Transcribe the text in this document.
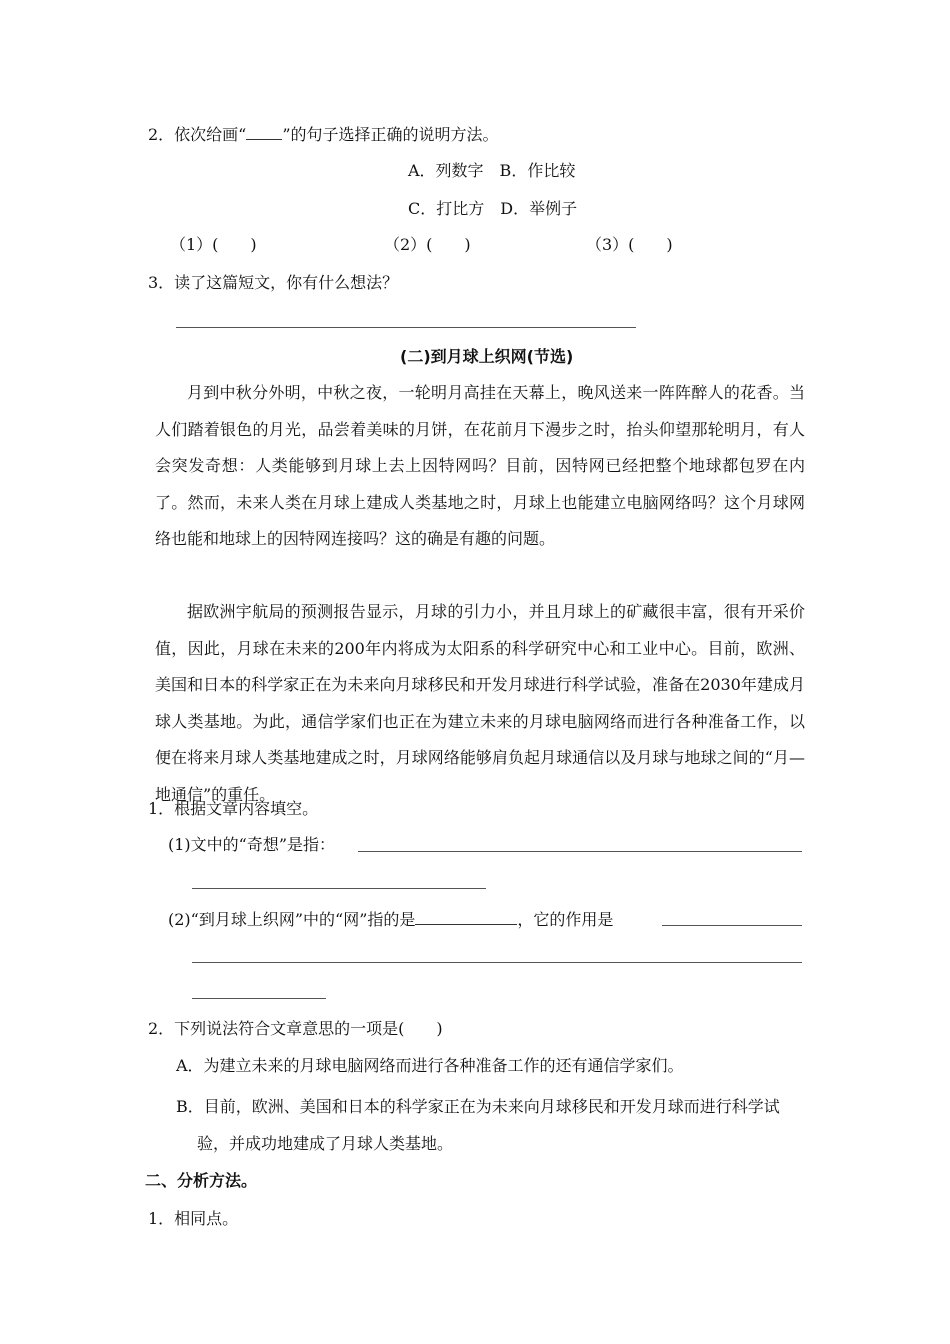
2．依次给画“ ”的句子选择正确的说明方法。
A．列数字　B．作比较
C．打比方　D．举例子
（1）(　　)	（2）(　　)	（3）(　　)
3．读了这篇短文，你有什么想法？
(二)到月球上织网(节选)

月到中秋分外明，中秋之夜，一轮明月高挂在天幕上，晚风送来一阵阵醉人的花香。当人们踏着银色的月光，品尝着美味的月饼，在花前月下漫步之时，抬头仰望那轮明月，有人会突发奇想：人类能够到月球上去上因特网吗？目前，因特网已经把整个地球都包罗在内了。然而，未来人类在月球上建成人类基地之时，月球上也能建立电脑网络吗？这个月球网络也能和地球上的因特网连接吗？这的确是有趣的问题。

据欧洲宇航局的预测报告显示，月球的引力小，并且月球上的矿藏很丰富，很有开采价值，因此，月球在未来的200年内将成为太阳系的科学研究中心和工业中心。目前，欧洲、美国和日本的科学家正在为未来向月球移民和开发月球进行科学试验，准备在2030年建成月球人类基地。为此，通信学家们也正在为建立未来的月球电脑网络而进行各种准备工作，以便在将来月球人类基地建成之时，月球网络能够肩负起月球通信以及月球与地球之间的“月—地通信”的重任。

1．根据文章内容填空。
(1)文中的“奇想”是指：
(2)“到月球上织网”中的“网”指的是	，它的作用是
2．下列说法符合文章意思的一项是(　　)
A．为建立未来的月球电脑网络而进行各种准备工作的还有通信学家们。
B．目前，欧洲、美国和日本的科学家正在为未来向月球移民和开发月球而进行科学试
验，并成功地建成了月球人类基地。
二、分析方法。
1．相同点。
